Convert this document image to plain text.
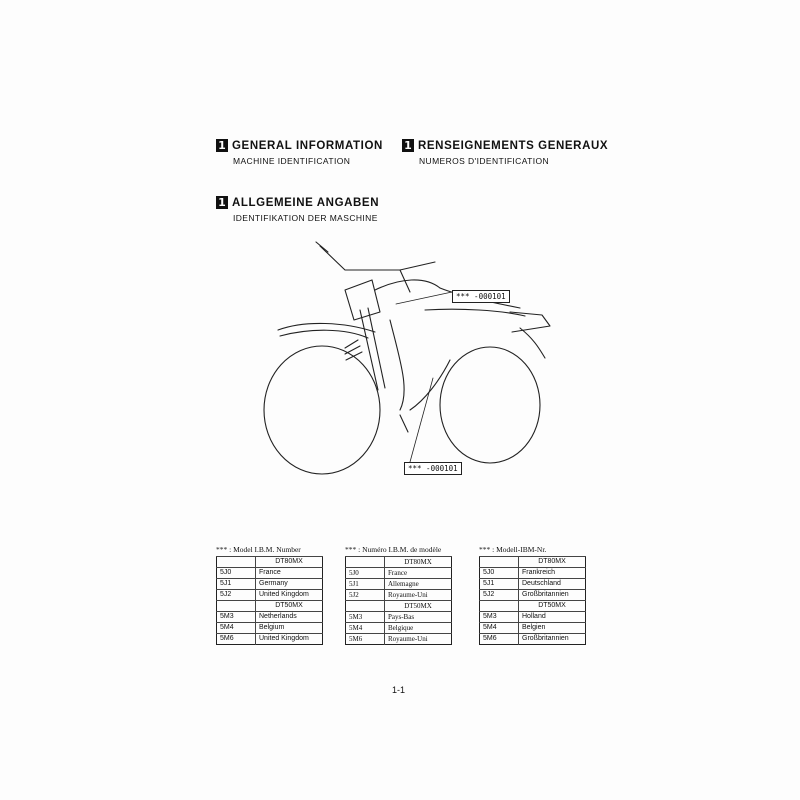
1 GENERAL INFORMATION
MACHINE IDENTIFICATION
1 RENSEIGNEMENTS GENERAUX
NUMEROS D'IDENTIFICATION
1 ALLGEMEINE ANGABEN
IDENTIFIKATION DER MASCHINE
*** -000101
*** -000101
*** : Model I.B.M. Number
	DT80MX
5J0	France
5J1	Germany
5J2	United Kingdom
	DT50MX
5M3	Netherlands
5M4	Belgium
5M6	United Kingdom
*** : Numéro I.B.M. de modèle
	DT80MX
5J0	France
5J1	Allemagne
5J2	Royaume-Uni
	DT50MX
5M3	Pays-Bas
5M4	Belgique
5M6	Royaume-Uni
*** : Modell-IBM-Nr.
	DT80MX
5J0	Frankreich
5J1	Deutschland
5J2	Großbritannien
	DT50MX
5M3	Holland
5M4	Belgien
5M6	Großbritannien
1-1
